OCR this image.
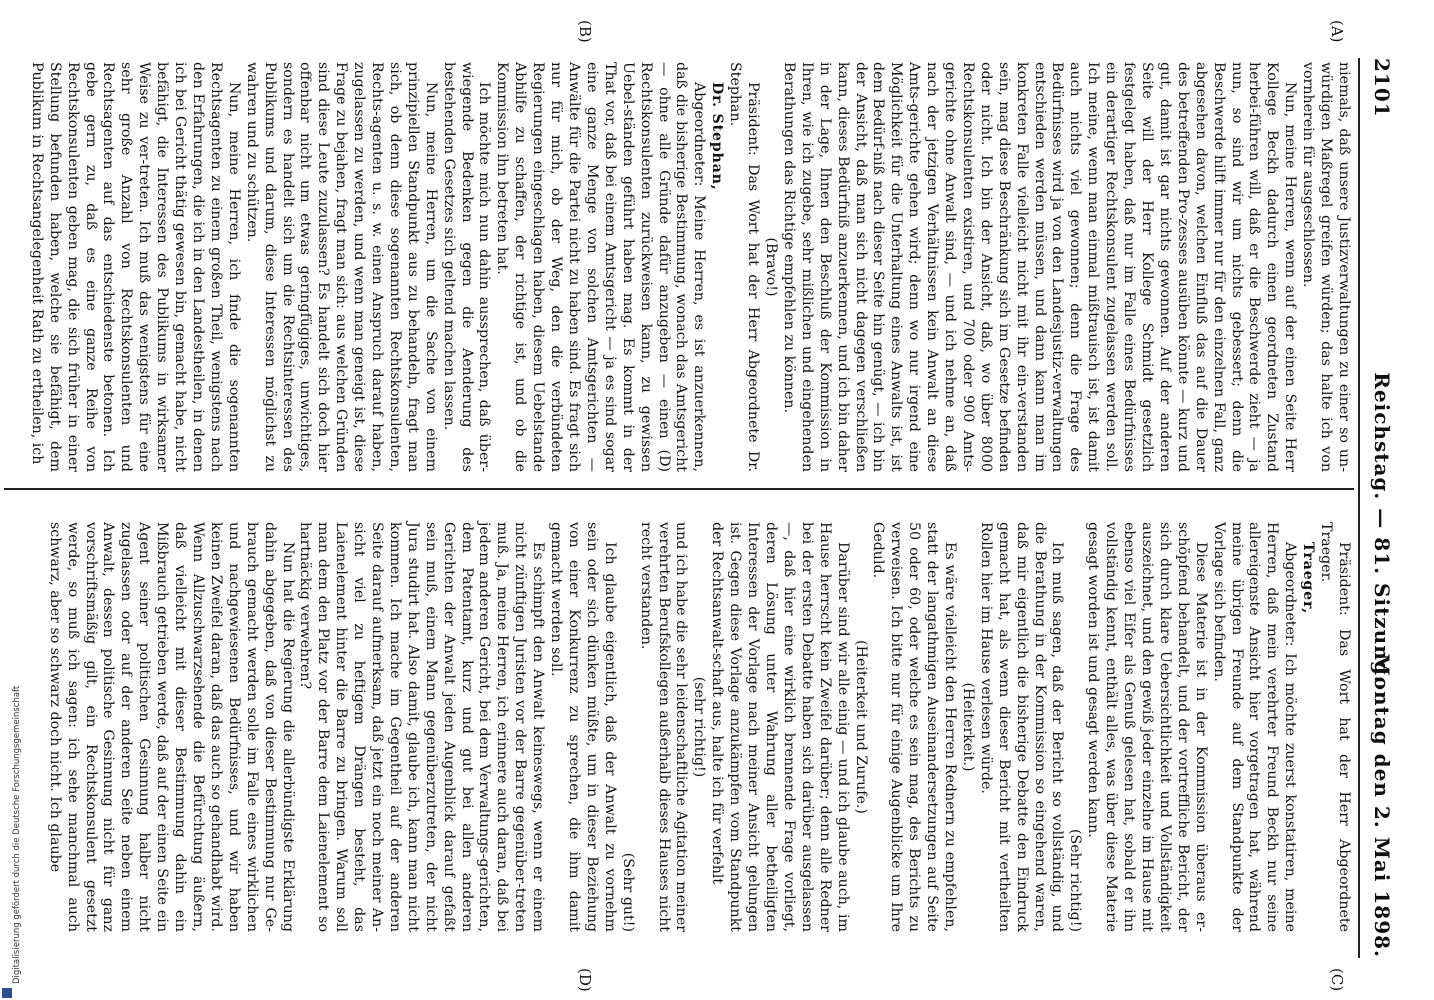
2101
Reichstag. — 81. Sitzung.
Montag den 2. Mai 1898.
(C)
(D)
(A)
(B)

niemals, daß unsere Justizverwaltungen zu einer so un-würdigen Maßregel greifen würden; das halte ich von vornherein für ausgeschlossen.

Nun, meine Herren, wenn auf der einen Seite Herr Kollege Beckh dadurch einen geordneten Zustand herbei-führen will, daß er die Beschwerde zieht — ja nun, so sind wir um nichts gebessert; denn die Beschwerde hilft immer nur für den einzelnen Fall, ganz abgesehen davon, welchen Einfluß das auf die Dauer des betreffenden Pro-zesses ausüben könnte — kurz und gut, damit ist gar nichts gewonnen. Auf der anderen Seite will der Herr Kollege Schmidt gesetzlich festgelegt haben, daß nur im Falle eines Bedürfnisses ein derartiger Rechtskonsulent zugelassen werden soll. Ich meine, wenn man einmal mißtrauisch ist, ist damit auch nichts viel gewonnen; denn die Frage des Bedürfnisses wird ja von den Landesjustiz-verwaltungen entschieden werden müssen, und dann kann man im konkreten Falle vielleicht nicht mit ihr ein-verstanden sein, mag diese Beschränkung sich im Gesetze befinden oder nicht. Ich bin der Ansicht, daß, wo über 8000 Rechtskonsulenten existiren, und 700 oder 900 Amts-gerichte ohne Anwalt sind, — und ich nehme an, daß nach der jetzigen Verhältnissen kein Anwalt an diese Amts-gerichte gehen wird; denn wo nur irgend eine Möglichkeit für die Unterhaltung eines Anwalts ist, ist dem Bedürf-niß nach dieser Seite hin genügt, — ich bin der Ansicht, daß man sich nicht dagegen verschließen kann, dieses Bedürfniß anzuerkennen, und ich bin daher in der Lage, Ihnen den Beschluß der Kommission in Ihren, wie ich zugebe, sehr mißlichen und eingehenden Berathungen das Richtige empfehlen zu können.

(Bravo!)

Präsident: Das Wort hat der Herr Abgeordnete Dr. Stephan.

Dr. Stephan,

Abgeordneter: Meine Herren, es ist anzuerkennen, daß die bisherige Bestimmung, wonach das Amtsgericht — ohne alle Gründe dafür anzugeben — einen (D) Rechtskonsulenten zurückweisen kann, zu gewissen Uebel-ständen geführt haben mag. Es kommt in der That vor, daß bei einem Amtsgericht — ja es sind sogar eine ganze Menge von solchen Amtsgerichten — Anwälte für die Partei nicht zu haben sind. Es fragt sich nur für mich, ob der Weg, den die verbündeten Regierungen eingeschlagen haben, diesem Uebelstande Abhilfe zu schaffen, der richtige ist, und ob die Kommission ihn betreten hat.

Ich möchte mich nun dahin aussprechen, daß über-wiegende Bedenken gegen die Aenderung des bestehenden Gesetzes sich geltend machen lassen.

Nun, meine Herren, um die Sache von einem prinzipiellen Standpunkt aus zu behandeln, fragt man sich, ob denn diese sogenannten Rechtskonsulenten, Rechts-agenten u. s. w. einen Anspruch darauf haben, zugelassen zu werden, und wenn man geneigt ist, diese Frage zu bejahen, fragt man sich: aus welchen Gründen sind diese Leute zuzulassen? Es handelt sich doch hier offenbar nicht um etwas geringfügiges, unwichtiges, sondern es handelt sich um die Rechtsinteressen des Publikums und darum, diese Interessen möglichst zu wahren und zu schützen.

Nun, meine Herren, ich finde die sogenannten Rechtsagenten zu einem großen Theil, wenigstens nach den Erfahrungen, die ich in den Landestheilen, in denen ich bei Gericht thätig gewesen bin, gemacht habe, nicht befähigt, die Interessen des Publikums in wirksamer Weise zu ver-treten. Ich muß das wenigstens für eine sehr große Anzahl von Rechtskonsulenten und Rechtsagenten auf das entschiedenste betonen. Ich gebe gern zu, daß es eine ganze Reihe von Rechtskonsulenten geben mag, die sich früher in einer Stellung befunden haben, welche sie befähigt, dem Publikum in Rechtsangelegenheit Rath zu ertheilen, ich

Präsident: Das Wort hat der Herr Abgeordnete Traeger.

Traeger,

Abgeordneter: Ich möchte zuerst konstatiren, meine Herren, daß mein verehrter Freund Beckh nur seine allereigenste Ansicht hier vorgetragen hat, während meine übrigen Freunde auf dem Standpunkte der Vorlage sich befinden.

Diese Materie ist in der Kommission überaus er-schöpfend behandelt, und der vortreffliche Bericht, der sich durch klare Uebersichtlichkeit und Vollständigkeit auszeichnet, und den gewiß jeder einzelne im Hause mit ebenso viel Eifer als Genuß gelesen hat, sobald er ihn vollständig kennt, enthält alles, was über diese Materie gesagt worden ist und gesagt werden kann.

(Sehr richtig!)

Ich muß sagen, daß der Bericht so vollständig, und die Berathung in der Kommission so eingehend waren, daß mir eigentlich die bisherige Debatte den Eindruck gemacht hat, als wenn dieser Bericht mit vertheilten Rollen hier im Hause verlesen würde.

(Heiterkeit.)

Es wäre vielleicht den Herren Rednern zu empfehlen, statt der langathmigen Auseinandersetzungen auf Seite 50 oder 60, oder welche es sein mag, des Berichts zu verweisen. Ich bitte nur für einige Augenblicke um Ihre Geduld.

(Heiterkeit und Zurufe.)

Darüber sind wir alle einig — und ich glaube auch, im Hause herrscht kein Zweifel darüber; denn alle Redner bei der ersten Debatte haben sich darüber ausgelassen —, daß hier eine wirklich brennende Frage vorliegt, deren Lösung unter Wahrung aller betheiligten Interessen der Vorlage nach meiner Ansicht gelungen ist. Gegen diese Vorlage anzukämpfen vom Standpunkt der Rechtsanwalt-schaft aus, halte ich für verfehlt

(sehr richtig!)

und ich habe die sehr leidenschaftliche Agitation meiner verehrten Berufskollegen außerhalb dieses Hauses nicht recht verstanden.

(Sehr gut!)

Ich glaube eigentlich, daß der Anwalt zu vornehm sein oder sich dünken müßte, um in dieser Beziehung von einer Konkurrenz zu sprechen, die ihm damit gemacht werden soll.

Es schimpft den Anwalt keineswegs, wenn er einem nicht zünftigen Juristen vor der Barre gegenüber-treten muß. Ja, meine Herren, ich erinnere auch daran, daß bei jedem anderen Gericht, bei dem Verwaltungs-gerichten, dem Patentamt, kurz und gut bei allen anderen Gerichten der Anwalt jeden Augenblick darauf gefaßt sein muß, einem Mann gegenüberzutreten, der nicht Jura studirt hat. Also damit, glaube ich, kann man nicht kommen. Ich mache im Gegentheil auf der anderen Seite darauf aufmerksam, daß jetzt ein noch meiner An-sicht viel zu heftigem Drängen besteht, das Laienelement hinter die Barre zu bringen. Warum soll man dem den Platz vor der Barre dem Laienelement so hartnäckig verwehren?

Nun hat die Regierung die allerbündigste Erklärung dahin abgegeben, daß von dieser Bestimmung nur Ge-brauch gemacht werden solle im Falle eines wirklichen und nachgewiesenen Bedürfnisses, und wir haben keinen Zweifel daran, daß das auch so gehandhabt wird. Wenn Allzuschwarzsehende die Befürchtung äußern, daß vielleicht mit dieser Bestimmung dahin ein Mißbrauch getrieben werde, daß auf der einen Seite ein Agent seiner politischen Gesinnung halber nicht zugelassen oder auf der anderen Seite neben einem Anwalt, dessen politische Gesinnung nicht für ganz vorschriftsmäßig gilt, ein Rechtskonsulent gesetzt werde, so muß ich sagen: ich sehe manchmal auch schwarz, aber so schwarz doch nicht. Ich glaube

Digitalisierung gefördert durch die Deutsche Forschungsgemeinschaft
